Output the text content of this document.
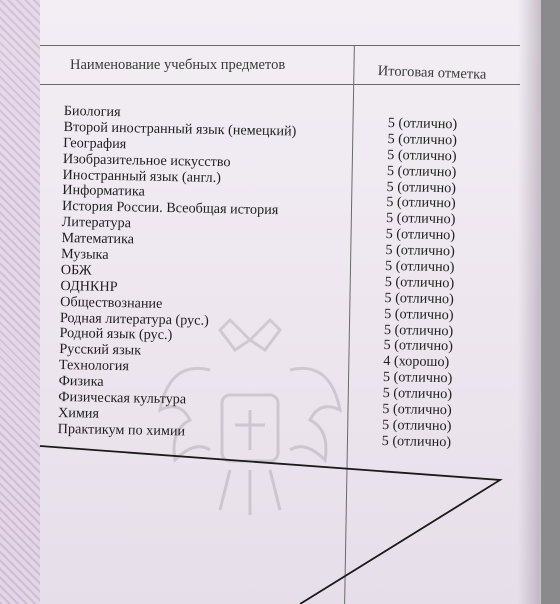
Наименование учебных предметов	Итоговая отметка
Биология
Второй иностранный язык (немецкий)
География
Изобразительное искусство
Иностранный язык (англ.)
Информатика
История России. Всеобщая история
Литература
Математика
Музыка
ОБЖ
ОДНКНР
Обществознание
Родная литература (рус.)
Родной язык (рус.)
Русский язык
Технология
Физика
Физическая культура
Химия
Практикум по химии
5 (отлично)
5 (отлично)
5 (отлично)
5 (отлично)
5 (отлично)
5 (отлично)
5 (отлично)
5 (отлично)
5 (отлично)
5 (отлично)
5 (отлично)
5 (отлично)
5 (отлично)
5 (отлично)
5 (отлично)
4 (хорошо)
5 (отлично)
5 (отлично)
5 (отлично)
5 (отлично)
5 (отлично)
